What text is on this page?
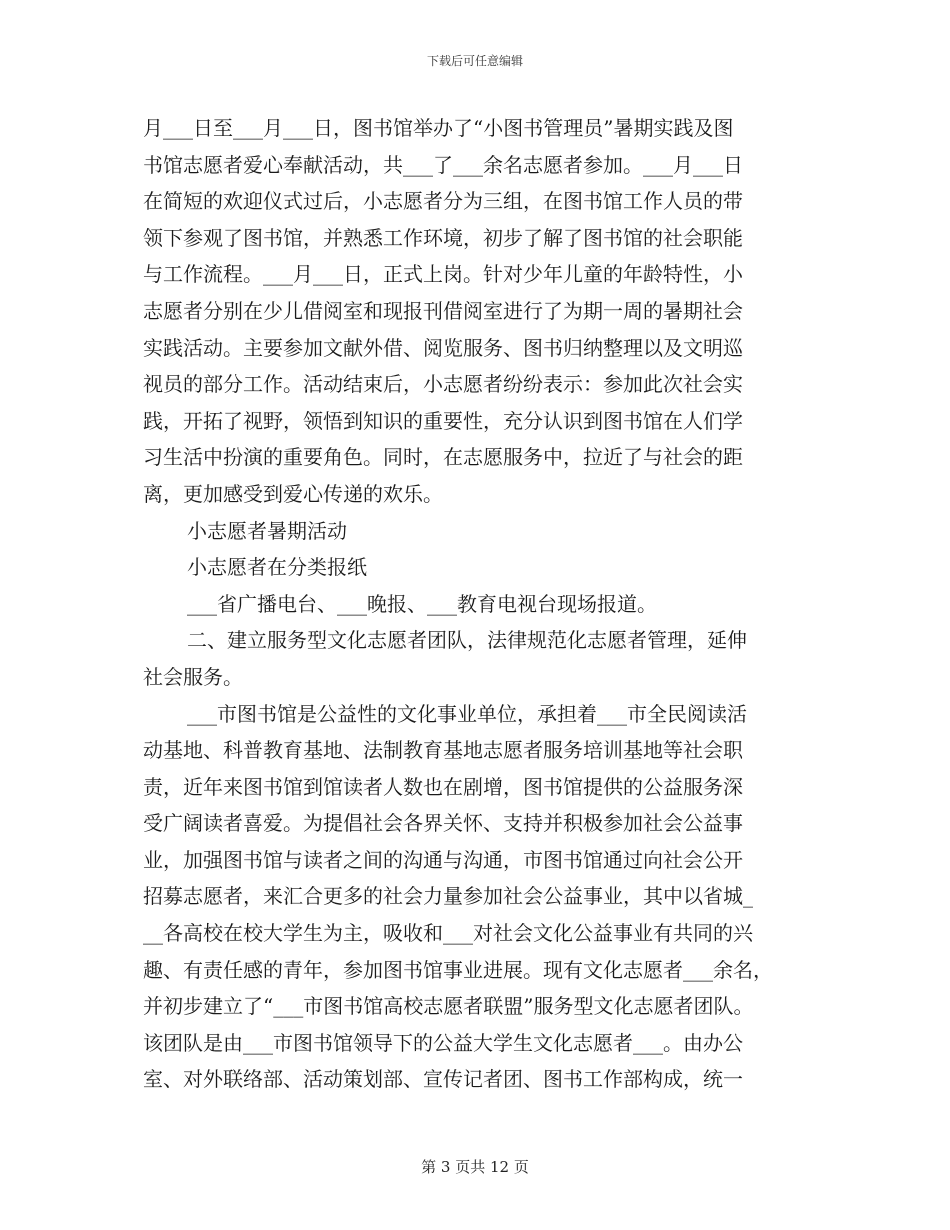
下载后可任意编辑
月___日至___月___日，图书馆举办了“小图书管理员”暑期实践及图
书馆志愿者爱心奉献活动，共___了___余名志愿者参加。___月___日
在简短的欢迎仪式过后，小志愿者分为三组，在图书馆工作人员的带
领下参观了图书馆，并熟悉工作环境，初步了解了图书馆的社会职能
与工作流程。___月___日，正式上岗。针对少年儿童的年龄特性，小
志愿者分别在少儿借阅室和现报刊借阅室进行了为期一周的暑期社会
实践活动。主要参加文献外借、阅览服务、图书归纳整理以及文明巡
视员的部分工作。活动结束后，小志愿者纷纷表示：参加此次社会实
践，开拓了视野，领悟到知识的重要性，充分认识到图书馆在人们学
习生活中扮演的重要角色。同时，在志愿服务中，拉近了与社会的距
离，更加感受到爱心传递的欢乐。
小志愿者暑期活动
小志愿者在分类报纸
___省广播电台、___晚报、___教育电视台现场报道。
二、建立服务型文化志愿者团队，法律规范化志愿者管理，延伸
社会服务。
___市图书馆是公益性的文化事业单位，承担着___市全民阅读活
动基地、科普教育基地、法制教育基地志愿者服务培训基地等社会职
责，近年来图书馆到馆读者人数也在剧增，图书馆提供的公益服务深
受广阔读者喜爱。为提倡社会各界关怀、支持并积极参加社会公益事
业，加强图书馆与读者之间的沟通与沟通，市图书馆通过向社会公开
招募志愿者，来汇合更多的社会力量参加社会公益事业，其中以省城_
__各高校在校大学生为主，吸收和___对社会文化公益事业有共同的兴
趣、有责任感的青年，参加图书馆事业进展。现有文化志愿者___余名，
并初步建立了“___市图书馆高校志愿者联盟”服务型文化志愿者团队。
该团队是由___市图书馆领导下的公益大学生文化志愿者___。由办公
室、对外联络部、活动策划部、宣传记者团、图书工作部构成，统一
第 3 页共 12 页
